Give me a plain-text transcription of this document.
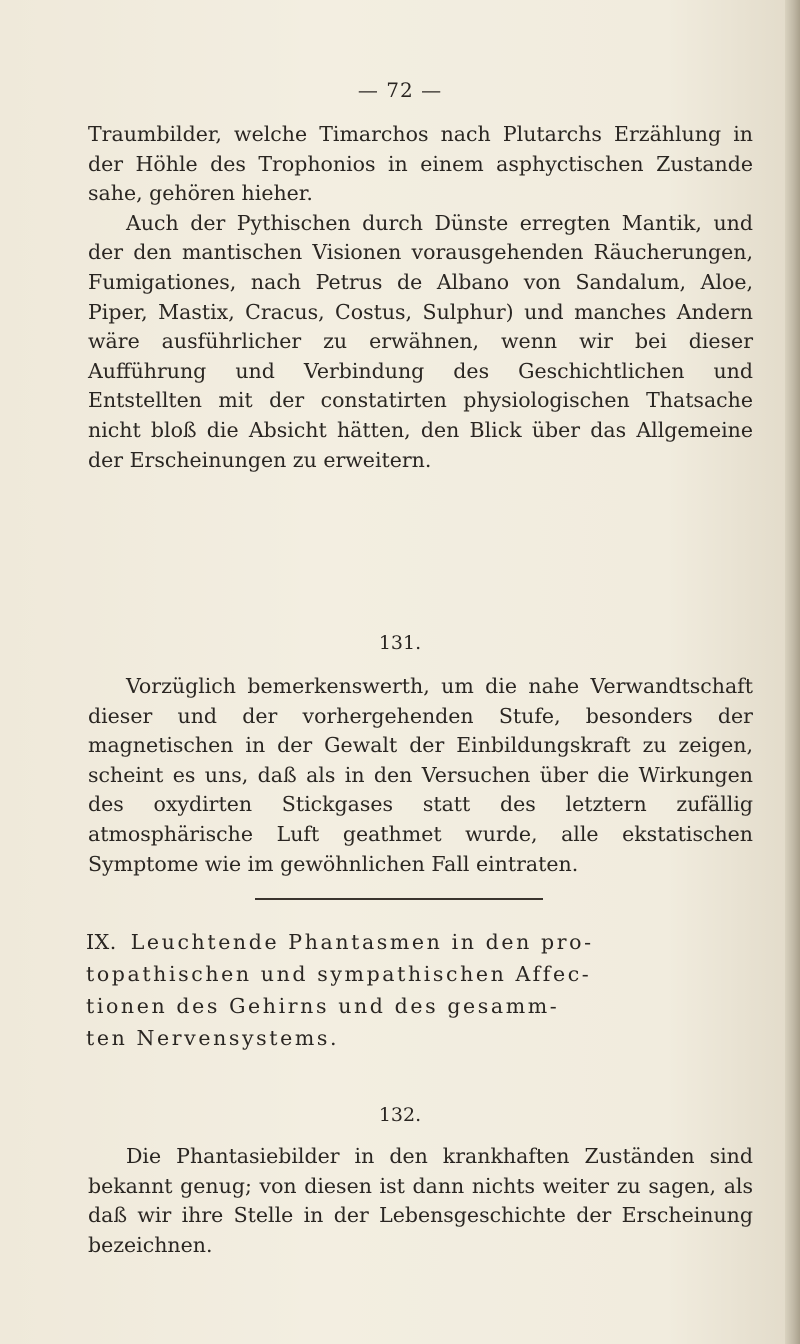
— 72 —

Traumbilder, welche Timarchos nach Plutarchs Erzählung in der Höhle des Trophonios in einem asphyctischen Zustande sahe, gehören hieher.

Auch der Pythischen durch Dünste erregten Mantik, und der den mantischen Visionen vorausgehenden Räucherungen, Fumigationes, nach Petrus de Albano von Sandalum, Aloe, Piper, Mastix, Cracus, Costus, Sulphur) und manches Andern wäre ausführlicher zu erwähnen, wenn wir bei dieser Aufführung und Verbindung des Geschichtlichen und Entstellten mit der constatirten physiologischen Thatsache nicht bloß die Absicht hätten, den Blick über das Allgemeine der Erscheinungen zu erweitern.

131.

Vorzüglich bemerkenswerth, um die nahe Verwandtschaft dieser und der vorhergehenden Stufe, besonders der magnetischen in der Gewalt der Einbildungskraft zu zeigen, scheint es uns, daß als in den Versuchen über die Wirkungen des oxydirten Stickgases statt des letztern zufällig atmosphärische Luft geathmet wurde, alle ekstatischen Symptome wie im gewöhnlichen Fall eintraten.

IX. Leuchtende Phantasmen in den pro-
topathischen und sympathischen Affec-
tionen des Gehirns und des gesamm-
ten Nervensystems.
132.

Die Phantasiebilder in den krankhaften Zuständen sind bekannt genug; von diesen ist dann nichts weiter zu sagen, als daß wir ihre Stelle in der Lebensgeschichte der Erscheinung bezeichnen.
